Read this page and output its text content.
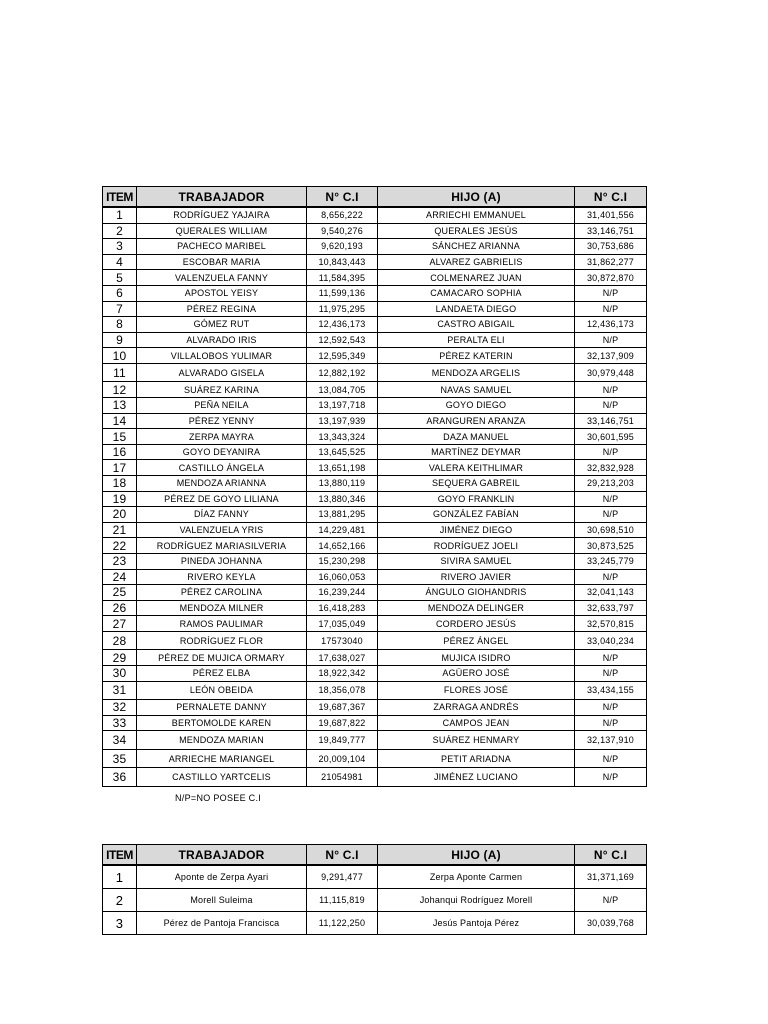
ITEM	TRABAJADOR	N° C.I	HIJO (A)	N° C.I
1	RODRÍGUEZ YAJAIRA	8,656,222	ARRIECHI EMMANUEL	31,401,556
2	QUERALES WILLIAM	9,540,276	QUERALES JESÚS	33,146,751
3	PACHECO MARIBEL	9,620,193	SÁNCHEZ ARIANNA	30,753,686
4	ESCOBAR MARIA	10,843,443	ALVAREZ GABRIELIS	31,862,277
5	VALENZUELA FANNY	11,584,395	COLMENAREZ JUAN	30,872,870
6	APOSTOL YEISY	11,599,136	CAMACARO SOPHIA	N/P
7	PÉREZ REGINA	11,975,295	LANDAETA DIEGO	N/P
8	GÓMEZ RUT	12,436,173	CASTRO ABIGAIL	12,436,173
9	ALVARADO IRIS	12,592,543	PERALTA ELI	N/P
10	VILLALOBOS YULIMAR	12,595,349	PÉREZ KATERIN	32,137,909
11	ALVARADO GISELA	12,882,192	MENDOZA ARGELIS	30,979,448
12	SUÁREZ KARINA	13,084,705	NAVAS SAMUEL	N/P
13	PEÑA NEILA	13,197,718	GOYO DIEGO	N/P
14	PÉREZ YENNY	13,197,939	ARANGUREN ARANZA	33,146,751
15	ZERPA MAYRA	13,343,324	DAZA MANUEL	30,601,595
16	GOYO DEYANIRA	13,645,525	MARTÍNEZ DEYMAR	N/P
17	CASTILLO ÁNGELA	13,651,198	VALERA KEITHLIMAR	32,832,928
18	MENDOZA ARIANNA	13,880,119	SEQUERA GABREIL	29,213,203
19	PÉREZ DE GOYO LILIANA	13,880,346	GOYO FRANKLIN	N/P
20	DÍAZ FANNY	13,881,295	GONZÁLEZ FABÍAN	N/P
21	VALENZUELA YRIS	14,229,481	JIMÉNEZ DIEGO	30,698,510
22	RODRÍGUEZ MARIASILVERIA	14,652,166	RODRÍGUEZ JOELI	30,873,525
23	PINEDA JOHANNA	15,230,298	SIVIRA SAMUEL	33,245,779
24	RIVERO KEYLA	16,060,053	RIVERO JAVIER	N/P
25	PÉREZ CAROLINA	16,239,244	ÁNGULO GIOHANDRIS	32,041,143
26	MENDOZA MILNER	16,418,283	MENDOZA DELINGER	32,633,797
27	RAMOS PAULIMAR	17,035,049	CORDERO JESÚS	32,570,815
28	RODRÍGUEZ FLOR	17573040	PÉREZ ÁNGEL	33,040,234
29	PÉREZ DE MUJICA ORMARY	17,638,027	MUJICA ISIDRO	N/P
30	PÉREZ ELBA	18,922,342	AGÜERO JOSÉ	N/P
31	LEÓN OBEIDA	18,356,078	FLORES JOSÉ	33,434,155
32	PERNALETE DANNY	19,687,367	ZARRAGA ANDRÉS	N/P
33	BERTOMOLDE KAREN	19,687,822	CAMPOS JEAN	N/P
34	MENDOZA MARIAN	19,849,777	SUÁREZ HENMARY	32,137,910
35	ARRIECHE MARIANGEL	20,009,104	PETIT ARIADNA	N/P
36	CASTILLO YARTCELIS	21054981	JIMÉNEZ LUCIANO	N/P
N/P=NO POSEE C.I
ITEM	TRABAJADOR	N° C.I	HIJO (A)	N° C.I
1	Aponte de Zerpa Ayari	9,291,477	Zerpa Aponte Carmen	31,371,169
2	Morell Suleima	11,115,819	Johanqui Rodríguez Morell	N/P
3	Pérez de Pantoja Francisca	11,122,250	Jesús Pantoja Pérez	30,039,768
